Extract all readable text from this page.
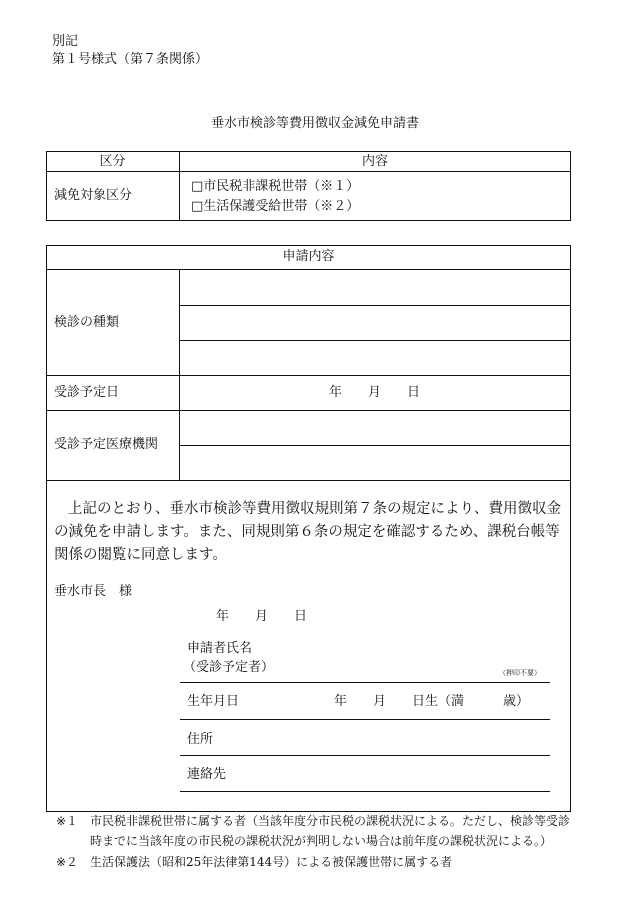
別記
第１号様式（第７条関係）
垂水市検診等費用徴収金減免申請書
区分	内容
減免対象区分
□市民税非課税世帯（※１）
□生活保護受給世帯（※２）
申請内容
検診の種類
受診予定日	年　　月　　日
受診予定医療機関
上記のとおり、垂水市検診等費用徴収規則第７条の規定により、費用徴収金
の減免を申請します。また、同規則第６条の規定を確認するため、課税台帳等
関係の閲覧に同意します。
垂水市長　様
年　　月　　日
申請者氏名
（受診予定者）	（押印不要）
生年月日	年　　月　　日生（満　　　歳）
住所
連絡先
※１ 市民税非課税世帯に属する者（当該年度分市民税の課税状況による。ただし、検診等受診
時までに当該年度の市民税の課税状況が判明しない場合は前年度の課税状況による。）
※２ 生活保護法（昭和25年法律第144号）による被保護世帯に属する者
